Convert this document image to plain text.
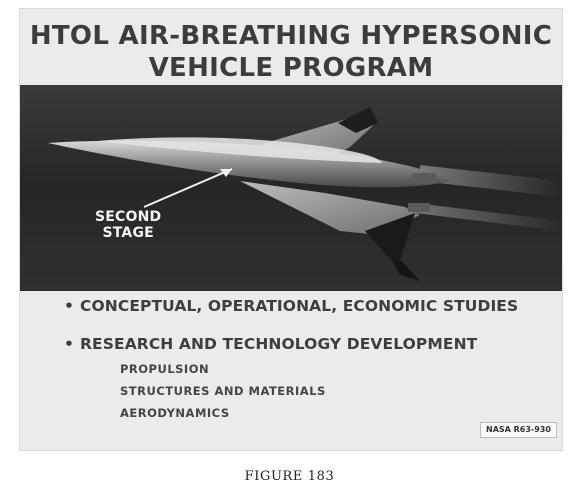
HTOL AIR-BREATHING HYPERSONIC
VEHICLE PROGRAM
SECOND
STAGE
• CONCEPTUAL, OPERATIONAL, ECONOMIC STUDIES
• RESEARCH AND TECHNOLOGY DEVELOPMENT
PROPULSION
STRUCTURES AND MATERIALS
AERODYNAMICS
NASA R63-930
FIGURE 183
